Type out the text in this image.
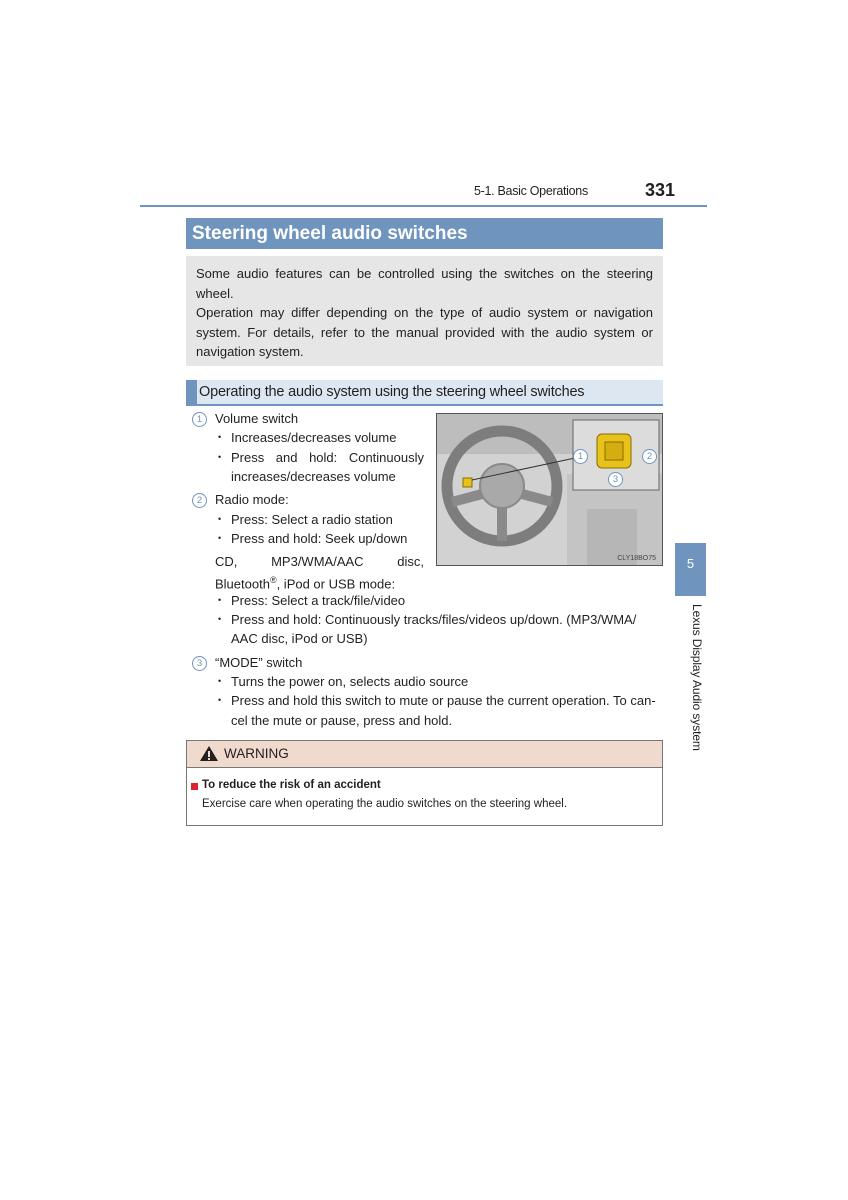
5-1. Basic Operations	331
Steering wheel audio switches

Some audio features can be controlled using the switches on the steering wheel.

Operation may differ depending on the type of audio system or navigation system. For details, refer to the manual provided with the audio system or navigation system.

Operating the audio system using the steering wheel switches
1 Volume switch
• Increases/decreases volume
• Press and hold: Continuously
increases/decreases volume
2 Radio mode:
• Press: Select a radio station
• Press and hold: Seek up/down
CD,	MP3/WMA/AAC	disc,
Bluetooth®, iPod or USB mode:
• Press: Select a track/file/video
• Press and hold: Continuously tracks/files/videos up/down. (MP3/WMA/
AAC disc, iPod or USB)
3 “MODE” switch
• Turns the power on, selects audio source
• Press and hold this switch to mute or pause the current operation. To can-
cel the mute or pause, press and hold.
1	2
3
CLY18BO75	5
Lexus Display Audio system
WARNING
To reduce the risk of an accident
Exercise care when operating the audio switches on the steering wheel.
